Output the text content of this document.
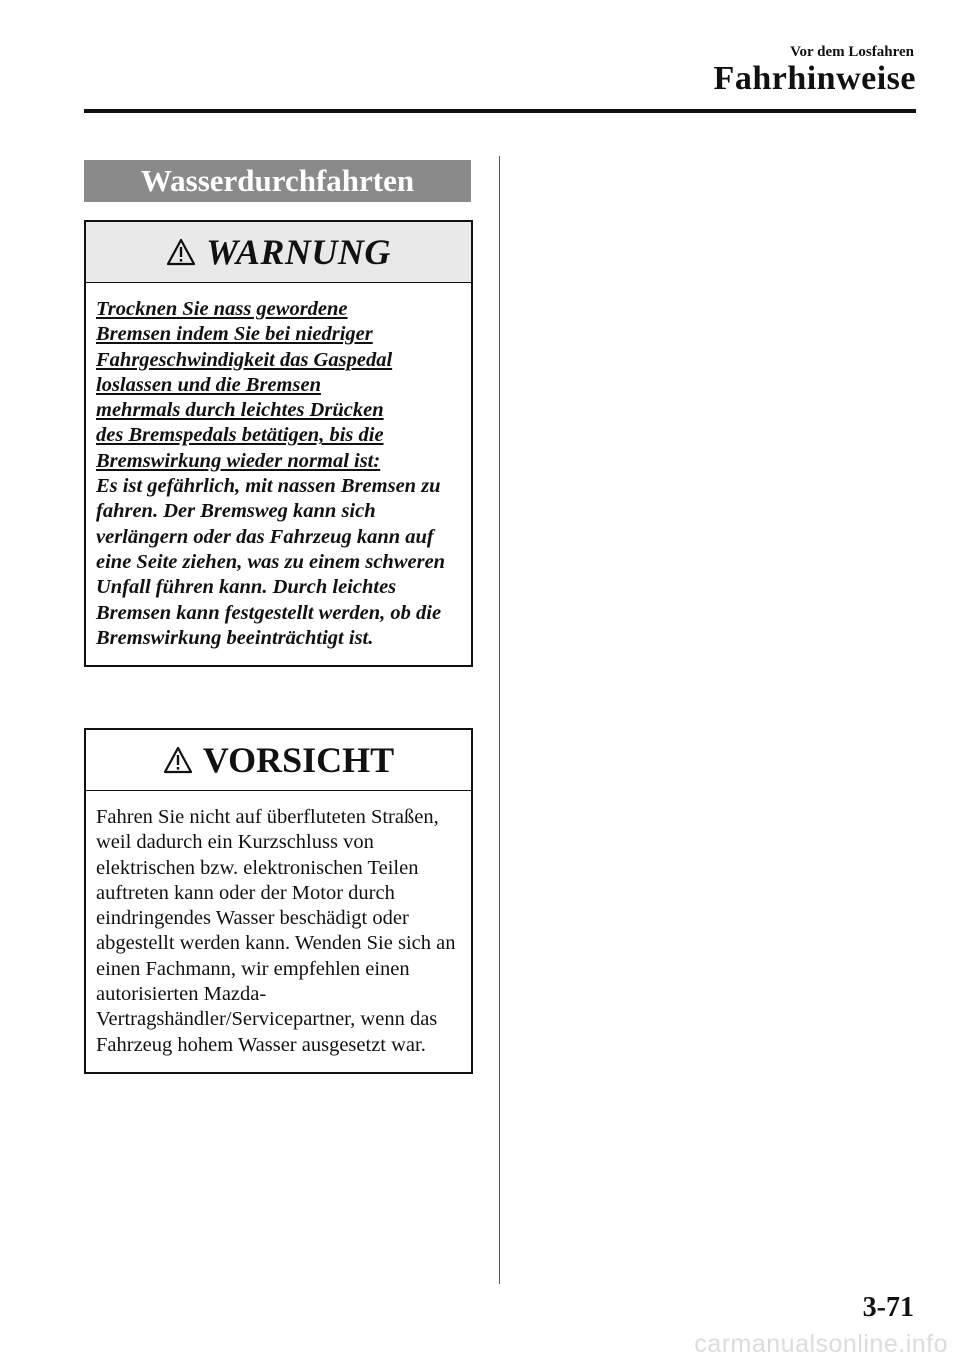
Vor dem Losfahren
Fahrhinweise
Wasserdurchfahrten
WARNUNG
Trocknen Sie nass gewordene
Bremsen indem Sie bei niedriger
Fahrgeschwindigkeit das Gaspedal
loslassen und die Bremsen
mehrmals durch leichtes Drücken
des Bremspedals betätigen, bis die
Bremswirkung wieder normal ist:
Es ist gefährlich, mit nassen Bremsen zu fahren. Der Bremsweg kann sich verlängern oder das Fahrzeug kann auf eine Seite ziehen, was zu einem schweren Unfall führen kann. Durch leichtes Bremsen kann festgestellt werden, ob die Bremswirkung beeinträchtigt ist.
VORSICHT
Fahren Sie nicht auf überfluteten Straßen, weil dadurch ein Kurzschluss von elektrischen bzw. elektronischen Teilen auftreten kann oder der Motor durch eindringendes Wasser beschädigt oder abgestellt werden kann. Wenden Sie sich an einen Fachmann, wir empfehlen einen autorisierten Mazda-Vertragshändler/Servicepartner, wenn das Fahrzeug hohem Wasser ausgesetzt war.
3-71
carmanualsonline.info
